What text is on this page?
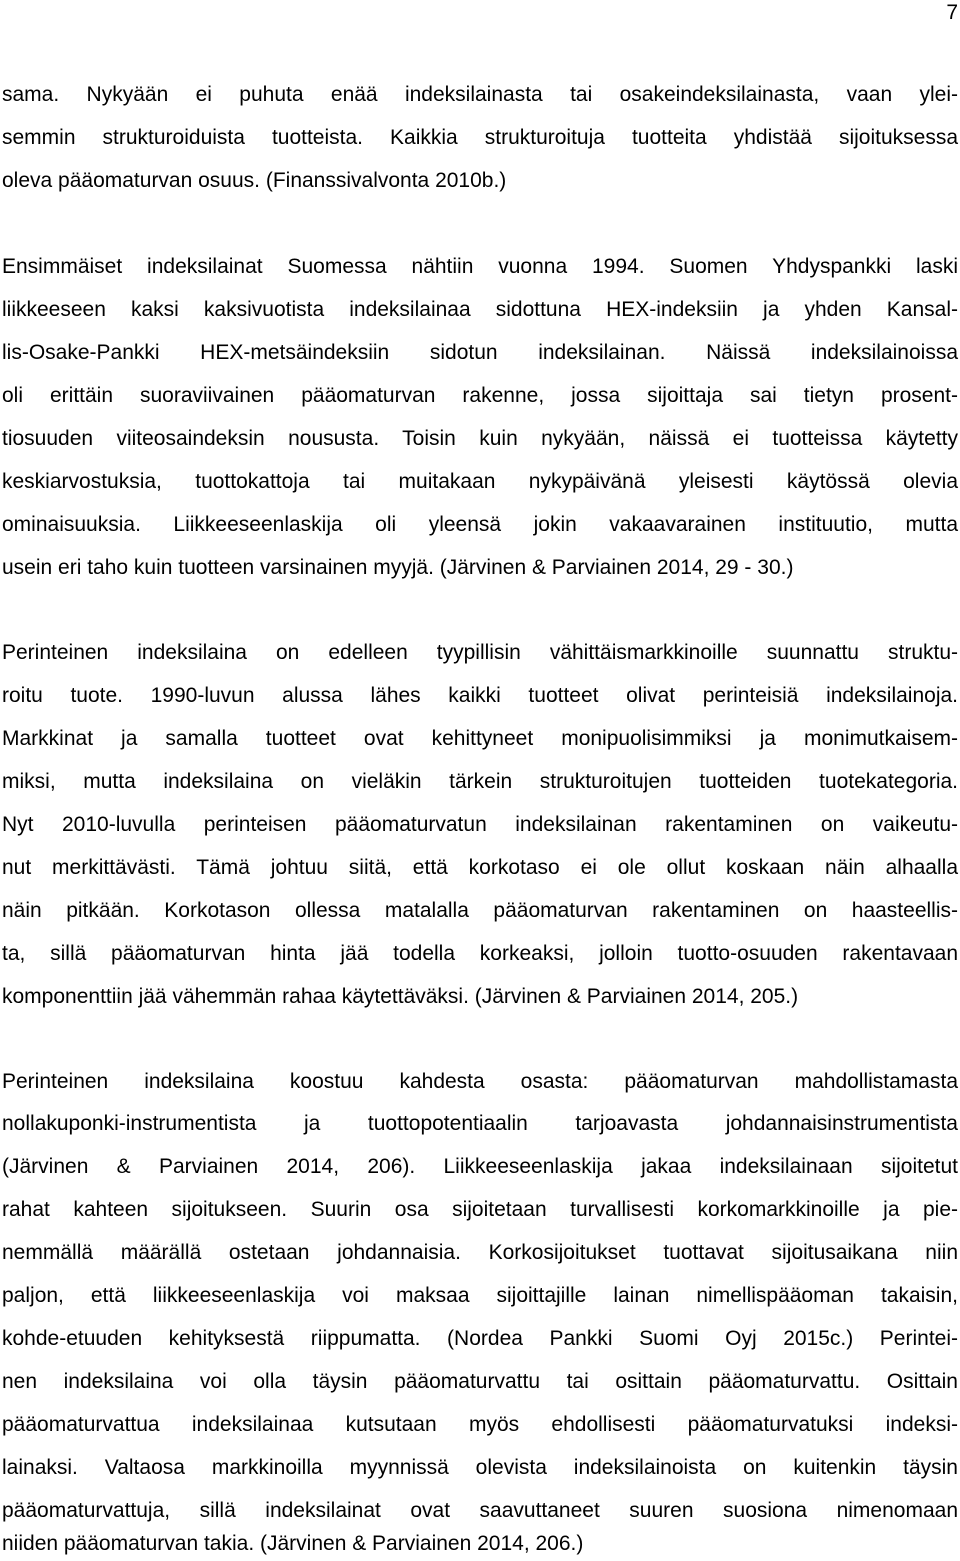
7
sama. Nykyään ei puhuta enää indeksilainasta tai osakeindeksilainasta, vaan ylei-
semmin strukturoiduista tuotteista. Kaikkia strukturoituja tuotteita yhdistää sijoituksessa
oleva pääomaturvan osuus. (Finanssivalvonta 2010b.)
Ensimmäiset indeksilainat Suomessa nähtiin vuonna 1994. Suomen Yhdyspankki laski
liikkeeseen kaksi kaksivuotista indeksilainaa sidottuna HEX-indeksiin ja yhden Kansal-
lis-Osake-Pankki HEX-metsäindeksiin sidotun indeksilainan. Näissä indeksilainoissa
oli erittäin suoraviivainen pääomaturvan rakenne, jossa sijoittaja sai tietyn prosent-
tiosuuden viiteosaindeksin noususta. Toisin kuin nykyään, näissä ei tuotteissa käytetty
keskiarvostuksia, tuottokattoja tai muitakaan nykypäivänä yleisesti käytössä olevia
ominaisuuksia. Liikkeeseenlaskija oli yleensä jokin vakaavarainen instituutio, mutta
usein eri taho kuin tuotteen varsinainen myyjä. (Järvinen & Parviainen 2014, 29 - 30.)
Perinteinen indeksilaina on edelleen tyypillisin vähittäismarkkinoille suunnattu struktu-
roitu tuote. 1990-luvun alussa lähes kaikki tuotteet olivat perinteisiä indeksilainoja.
Markkinat ja samalla tuotteet ovat kehittyneet monipuolisimmiksi ja monimutkaisem-
miksi, mutta indeksilaina on vieläkin tärkein strukturoitujen tuotteiden tuotekategoria.
Nyt 2010-luvulla perinteisen pääomaturvatun indeksilainan rakentaminen on vaikeutu-
nut merkittävästi. Tämä johtuu siitä, että korkotaso ei ole ollut koskaan näin alhaalla
näin pitkään. Korkotason ollessa matalalla pääomaturvan rakentaminen on haasteellis-
ta, sillä pääomaturvan hinta jää todella korkeaksi, jolloin tuotto-osuuden rakentavaan
komponenttiin jää vähemmän rahaa käytettäväksi. (Järvinen & Parviainen 2014, 205.)
Perinteinen indeksilaina koostuu kahdesta osasta: pääomaturvan mahdollistamasta
nollakuponki-instrumentista ja tuottopotentiaalin tarjoavasta johdannaisinstrumentista
(Järvinen & Parviainen 2014, 206). Liikkeeseenlaskija jakaa indeksilainaan sijoitetut
rahat kahteen sijoitukseen. Suurin osa sijoitetaan turvallisesti korkomarkkinoille ja pie-
nemmällä määrällä ostetaan johdannaisia. Korkosijoitukset tuottavat sijoitusaikana niin
paljon, että liikkeeseenlaskija voi maksaa sijoittajille lainan nimellispääoman takaisin,
kohde-etuuden kehityksestä riippumatta. (Nordea Pankki Suomi Oyj 2015c.) Perintei-
nen indeksilaina voi olla täysin pääomaturvattu tai osittain pääomaturvattu. Osittain
pääomaturvattua indeksilainaa kutsutaan myös ehdollisesti pääomaturvatuksi indeksi-
lainaksi. Valtaosa markkinoilla myynnissä olevista indeksilainoista on kuitenkin täysin
pääomaturvattuja, sillä indeksilainat ovat saavuttaneet suuren suosiona nimenomaan
niiden pääomaturvan takia. (Järvinen & Parviainen 2014, 206.)
